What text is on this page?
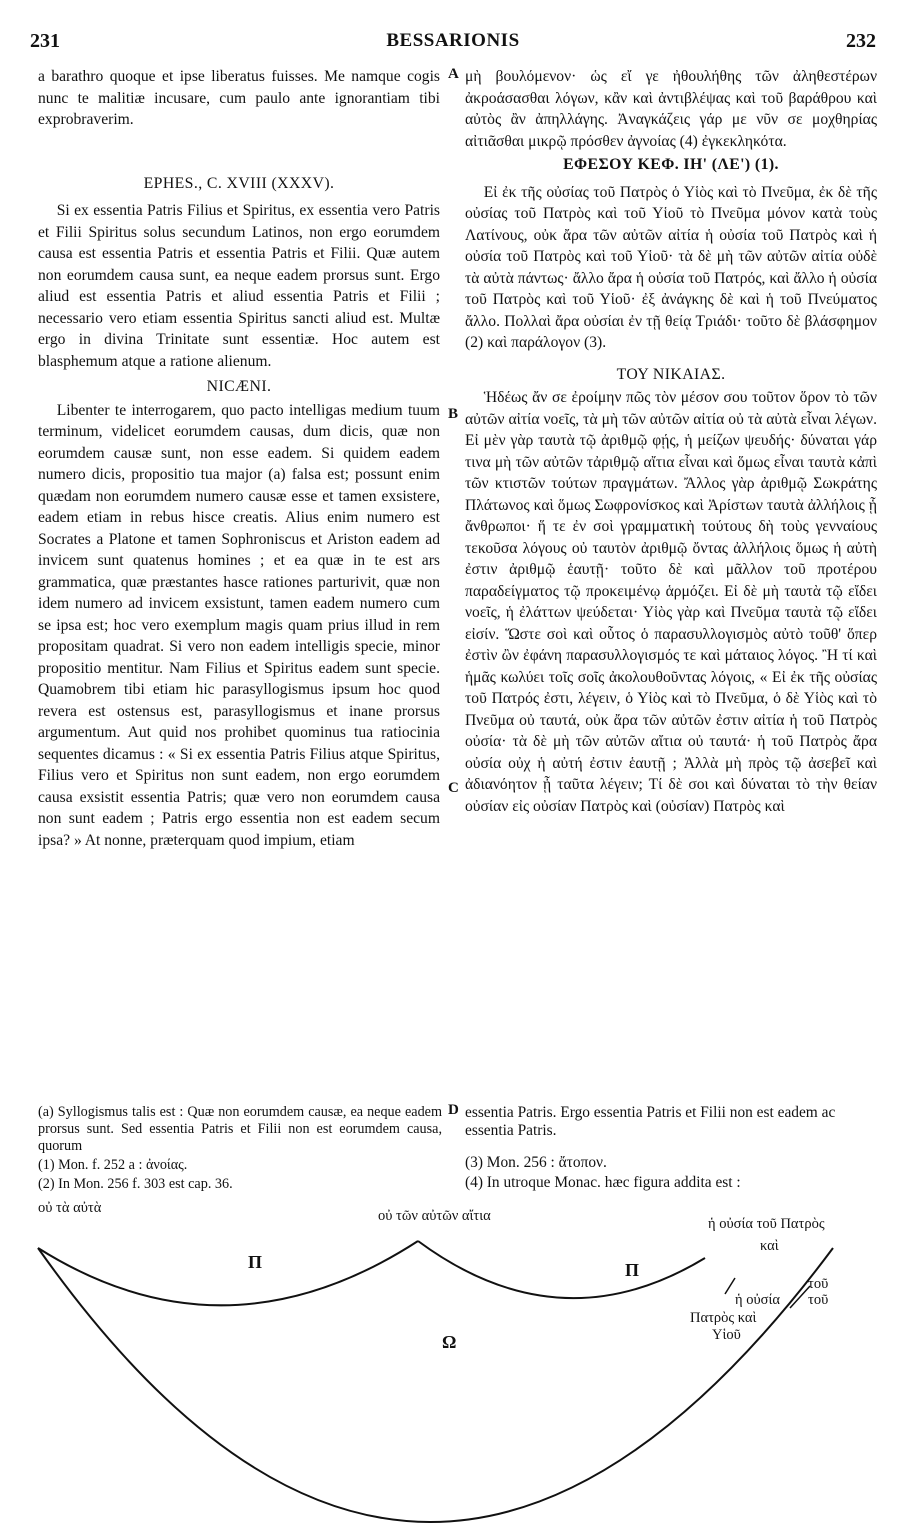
231	BESSARIONIS	232

a barathro quoque et ipse liberatus fuisses. Me namque cogis nunc te malitiæ incusare, cum paulo ante ignorantiam tibi exprobraverim.

EPHES., C. XVIII (XXXV).

Si ex essentia Patris Filius et Spiritus, ex essentia vero Patris et Filii Spiritus solus secundum Latinos, non ergo eorumdem causa est essentia Patris et essentia Patris et Filii. Quæ autem non eorumdem causa sunt, ea neque eadem prorsus sunt. Ergo aliud est essentia Patris et aliud essentia Patris et Filii ; necessario vero etiam essentia Spiritus sancti aliud est. Multæ ergo in divina Trinitate sunt essentiæ. Hoc autem est blasphemum atque a ratione alienum.

NICÆNI.

Libenter te interrogarem, quo pacto intelligas medium tuum terminum, videlicet eorumdem causas, dum dicis, quæ non eorumdem causæ sunt, non esse eadem. Si quidem eadem numero dicis, propositio tua major (a) falsa est; possunt enim quædam non eorumdem numero causæ esse et tamen exsistere, eadem etiam in rebus hisce creatis. Alius enim numero est Socrates a Platone et tamen Sophroniscus et Ariston eadem ad invicem sunt quatenus homines ; et ea quæ in te est ars grammatica, quæ præstantes hasce rationes parturivit, quæ non idem numero ad invicem exsistunt, tamen eadem numero cum se ipsa est; hoc vero exemplum magis quam prius illud in rem propositam quadrat. Si vero non eadem intelligis specie, minor propositio mentitur. Nam Filius et Spiritus eadem sunt specie. Quamobrem tibi etiam hic parasyllogismus ipsum hoc quod revera est ostensus est, parasyllogismus et inane prorsus argumentum. Aut quid nos prohibet quominus tua ratiocinia sequentes dicamus : « Si ex essentia Patris Filius atque Spiritus, Filius vero et Spiritus non sunt eadem, non ergo eorumdem causa exsistit essentia Patris; quæ vero non eorumdem causa non sunt eadem ; Patris ergo essentia non est eadem secum ipsa? » At nonne, præterquam quod impium, etiam

μὴ βουλόμενον· ὡς εἴ γε ἠθουλήθης τῶν ἀληθεστέρων ἀκροάσασθαι λόγων, κἂν καὶ ἀντιβλέψας καὶ τοῦ βαράθρου καὶ αὐτὸς ἂν ἀπηλλάγης. Ἀναγκάζεις γάρ με νῦν σε μοχθηρίας αἰτιᾶσθαι μικρῷ πρόσθεν ἀγνοίας (4) ἐγκεκληκότα.

ΕΦΕΣΟΥ ΚΕΦ. ΙΗ' (ΛΕ') (1).

Εἰ ἐκ τῆς οὐσίας τοῦ Πατρὸς ὁ Υἱὸς καὶ τὸ Πνεῦμα, ἐκ δὲ τῆς οὐσίας τοῦ Πατρὸς καὶ τοῦ Υἱοῦ τὸ Πνεῦμα μόνον κατὰ τοὺς Λατίνους, οὐκ ἄρα τῶν αὐτῶν αἰτία ἡ οὐσία τοῦ Πατρὸς καὶ ἡ οὐσία τοῦ Πατρὸς καὶ τοῦ Υἱοῦ· τὰ δὲ μὴ τῶν αὐτῶν αἰτία οὐδὲ τὰ αὐτὰ πάντως· ἄλλο ἄρα ἡ οὐσία τοῦ Πατρός, καὶ ἄλλο ἡ οὐσία τοῦ Πατρὸς καὶ τοῦ Υἱοῦ· ἐξ ἀνάγκης δὲ καὶ ἡ τοῦ Πνεύματος ἄλλο. Πολλαὶ ἄρα οὐσίαι ἐν τῇ θείᾳ Τριάδι· τοῦτο δὲ βλάσφημον (2) καὶ παράλογον (3).

ΤΟΥ ΝΙΚΑΙΑΣ.

Ἡδέως ἄν σε ἐροίμην πῶς τὸν μέσον σου τοῦτον ὅρον τὸ τῶν αὐτῶν αἰτία νοεῖς, τὰ μὴ τῶν αὐτῶν αἰτία οὐ τὰ αὐτὰ εἶναι λέγων. Εἰ μὲν γὰρ ταυτὰ τῷ ἀριθμῷ φῄς, ἡ μείζων ψευδής· δύναται γάρ τινα μὴ τῶν αὐτῶν τἀριθμῷ αἴτια εἶναι καὶ ὅμως εἶναι ταυτὰ κἀπὶ τῶν κτιστῶν τούτων πραγμάτων. Ἄλλος γὰρ ἀριθμῷ Σωκράτης Πλάτωνος καὶ ὅμως Σωφρονίσκος καὶ Ἀρίστων ταυτὰ ἀλλήλοις ᾗ ἄνθρωποι· ἥ τε ἐν σοὶ γραμματικὴ τούτους δὴ τοὺς γενναίους τεκοῦσα λόγους οὐ ταυτὸν ἀριθμῷ ὄντας ἀλλήλοις ὅμως ἡ αὐτὴ ἐστιν ἀριθμῷ ἑαυτῇ· τοῦτο δὲ καὶ μᾶλλον τοῦ προτέρου παραδείγματος τῷ προκειμένῳ ἁρμόζει. Εἰ δὲ μὴ ταυτὰ τῷ εἴδει νοεῖς, ἡ ἐλάττων ψεύδεται· Υἱὸς γὰρ καὶ Πνεῦμα ταυτὰ τῷ εἴδει εἰσίν. Ὥστε σοὶ καὶ οὗτος ὁ παρασυλλογισμὸς αὐτὸ τοῦθ' ὅπερ ἐστὶν ὢν ἐφάνη παρασυλλογισμός τε καὶ μάταιος λόγος. Ἢ τί καὶ ἡμᾶς κωλύει τοῖς σοῖς ἀκολουθοῦντας λόγοις, « Εἰ ἐκ τῆς οὐσίας τοῦ Πατρός ἐστι, λέγειν, ὁ Υἱὸς καὶ τὸ Πνεῦμα, ὁ δὲ Υἱὸς καὶ τὸ Πνεῦμα οὐ ταυτά, οὐκ ἄρα τῶν αὐτῶν ἐστιν αἰτία ἡ τοῦ Πατρὸς οὐσία· τὰ δὲ μὴ τῶν αὐτῶν αἴτια οὐ ταυτά· ἡ τοῦ Πατρὸς ἄρα οὐσία οὐχ ἡ αὐτή ἐστιν ἑαυτῇ ; Ἀλλὰ μὴ πρὸς τῷ ἀσεβεῖ καὶ ἀδιανόητον ᾖ ταῦτα λέγειν; Τί δὲ σοι καὶ δύναται τὸ τὴν θείαν οὐσίαν εἰς οὐσίαν Πατρὸς καὶ (οὐσίαν) Πατρὸς καὶ

A
B
C
D

(a) Syllogismus talis est : Quæ non eorumdem causæ, ea neque eadem prorsus sunt. Sed essentia Patris et Filii non est eorumdem causa, quorum

(1) Mon. f. 252 a : ἀνοίας.

(2) In Mon. 256 f. 303 est cap. 36.

essentia Patris. Ergo essentia Patris et Filii non est eadem ac essentia Patris.

(3) Mon. 256 : ἄτοπον.

(4) In utroque Monac. hæc figura addita est :

οὐ τὰ αὐτὰ	οὐ τῶν αὐτῶν αἴτια	ἡ οὐσία τοῦ Πατρὸς
καὶ
ἡ οὐσία
Πατρὸς καὶ
Υἱοῦ
τοῦ
τοῦ
Π	Π
Ω
